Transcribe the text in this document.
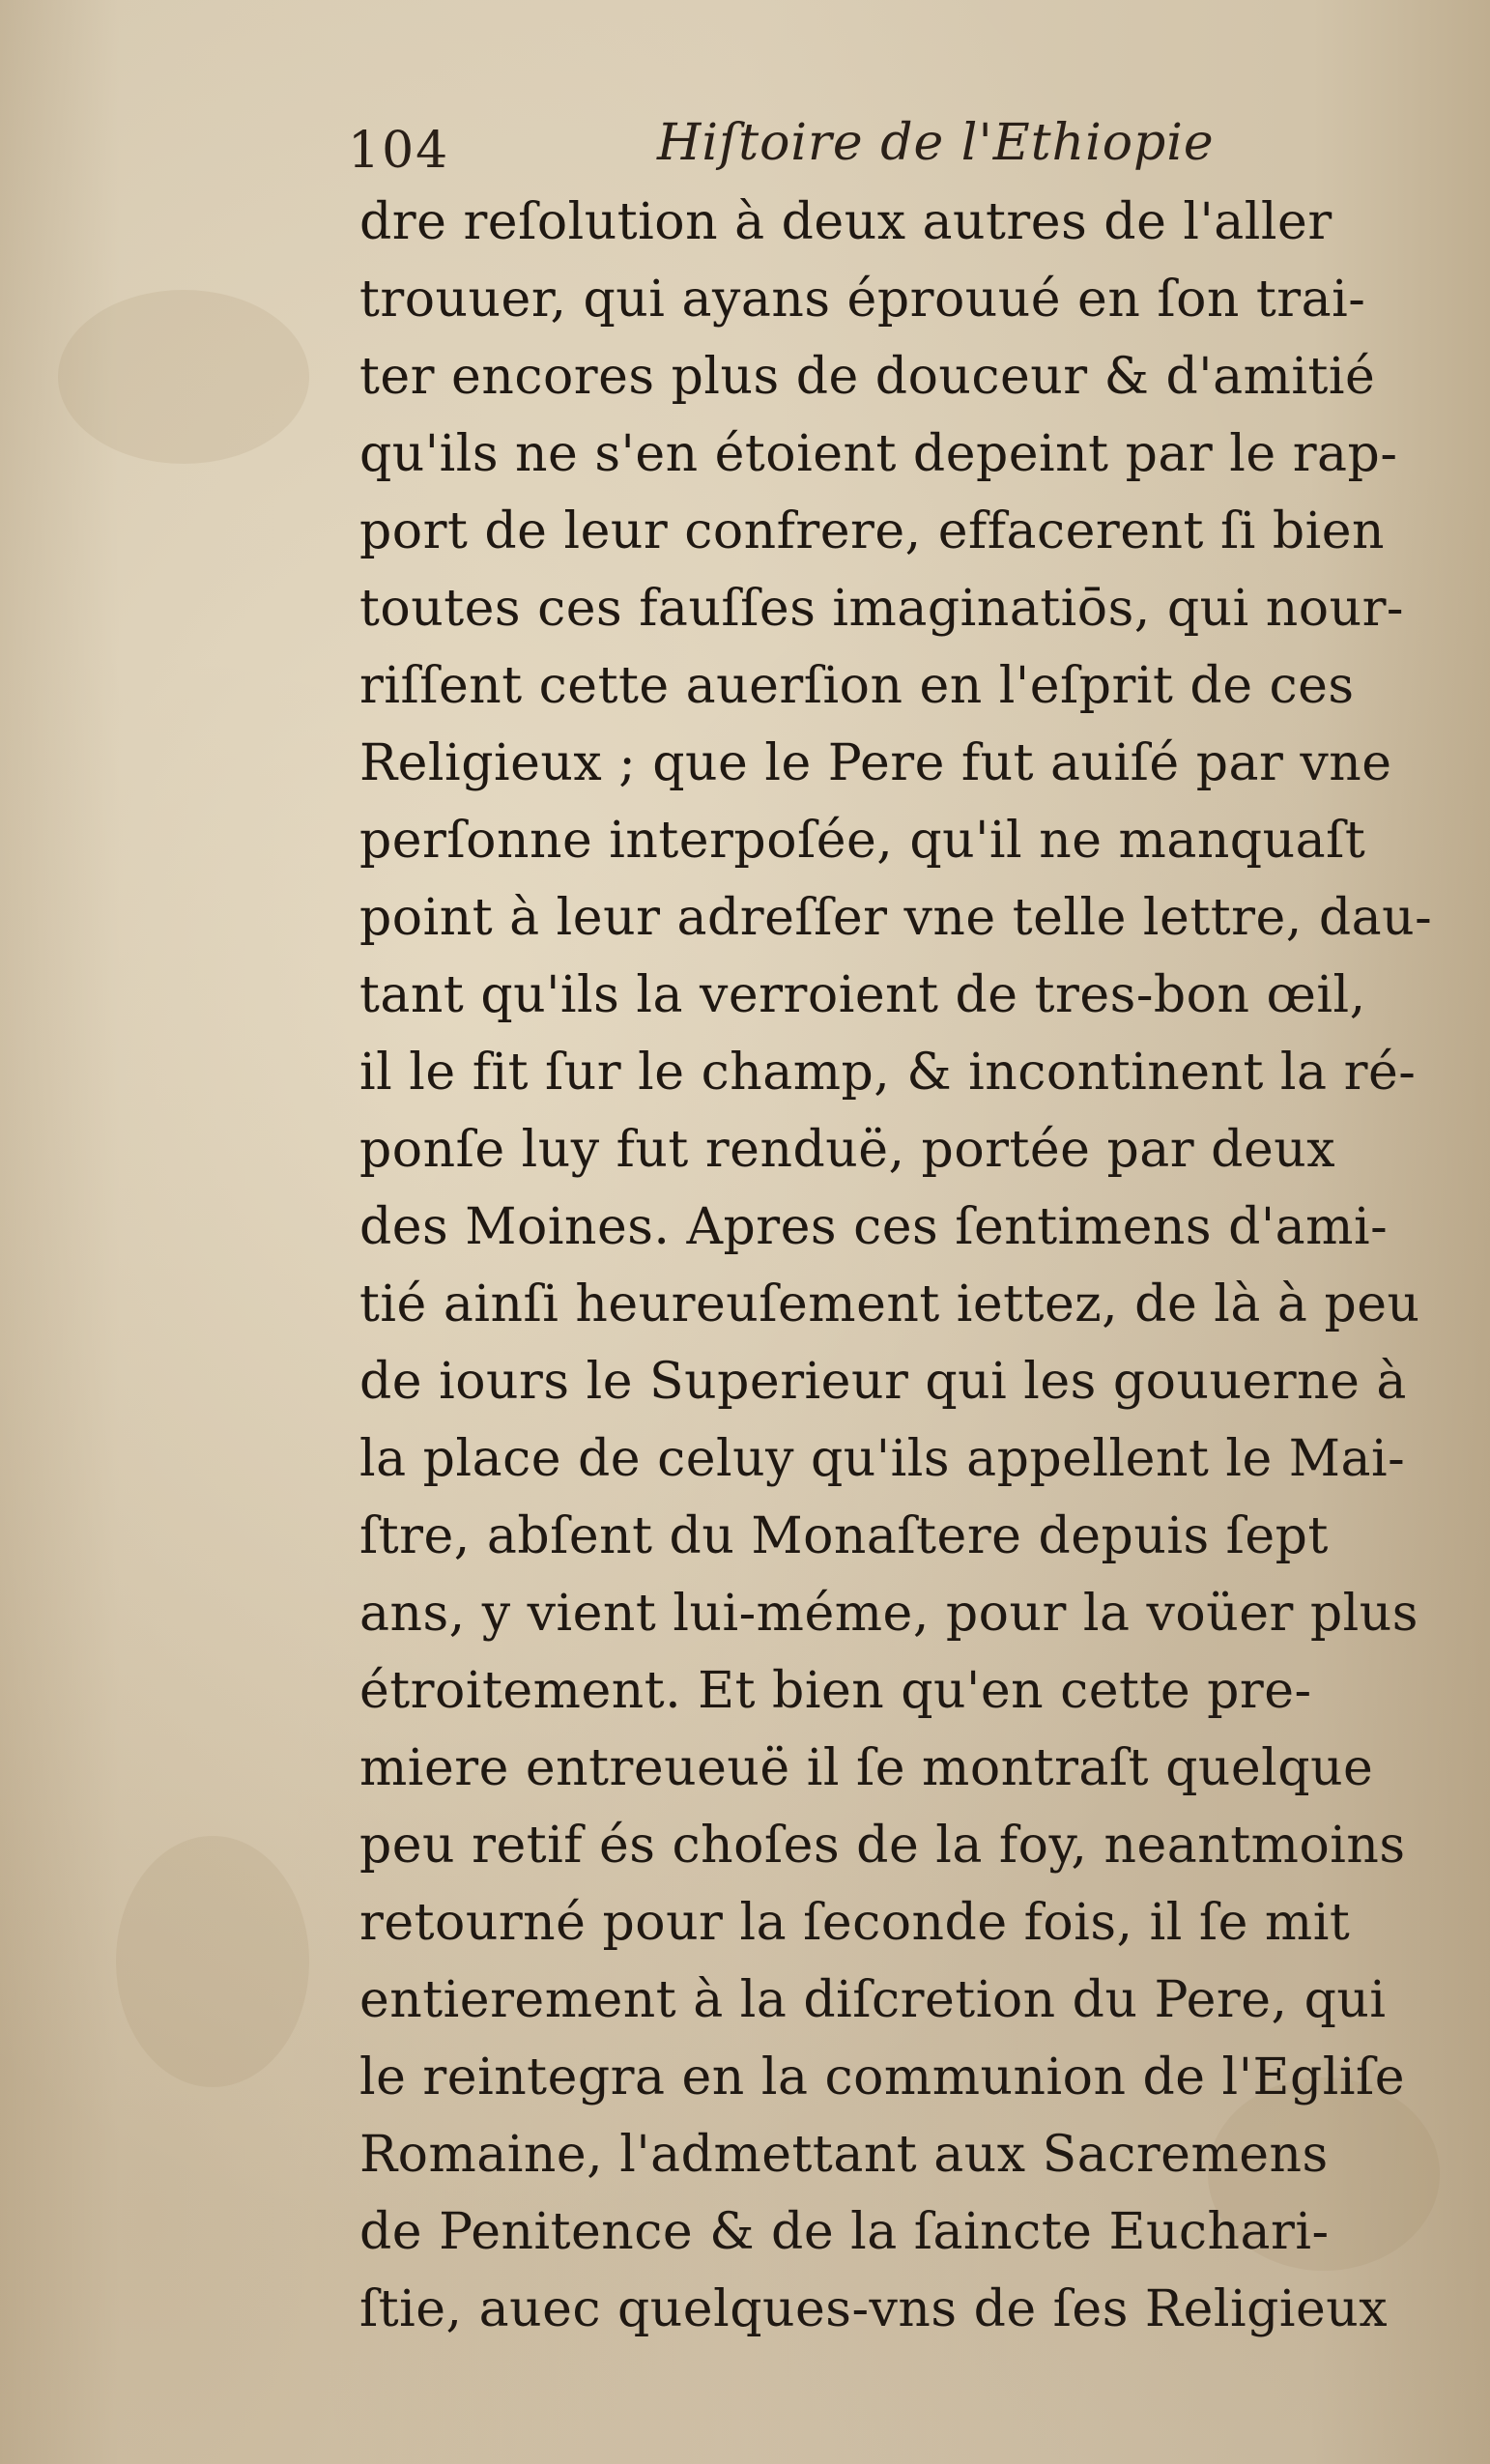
104	Hiſtoire de l'Ethiopie
dre reſolution à deux autres de l'aller
trouuer, qui ayans éprouué en ſon trai-
ter encores plus de douceur & d'amitié
qu'ils ne s'en étoient depeint par le rap-
port de leur confrere, effacerent ſi bien
toutes ces fauſſes imaginatiōs, qui nour-
riſſent cette auerſion en l'eſprit de ces
Religieux ; que le Pere fut auiſé par vne
perſonne interpoſée, qu'il ne manquaſt
point à leur adreſſer vne telle lettre, dau-
tant qu'ils la verroient de tres-bon œil,
il le fit ſur le champ, & incontinent la ré-
ponſe luy fut renduë, portée par deux
des Moines. Apres ces ſentimens d'ami-
tié ainſi heureuſement iettez, de là à peu
de iours le Superieur qui les gouuerne à
la place de celuy qu'ils appellent le Mai-
ſtre, abſent du Monaſtere depuis ſept
ans, y vient lui-méme, pour la voüer plus
étroitement. Et bien qu'en cette pre-
miere entreueuë il ſe montraſt quelque
peu retif és choſes de la foy, neantmoins
retourné pour la ſeconde fois, il ſe mit
entierement à la diſcretion du Pere, qui
le reintegra en la communion de l'Egliſe
Romaine, l'admettant aux Sacremens
de Penitence & de la ſaincte Euchari-
ſtie, auec quelques-vns de ſes Religieux
